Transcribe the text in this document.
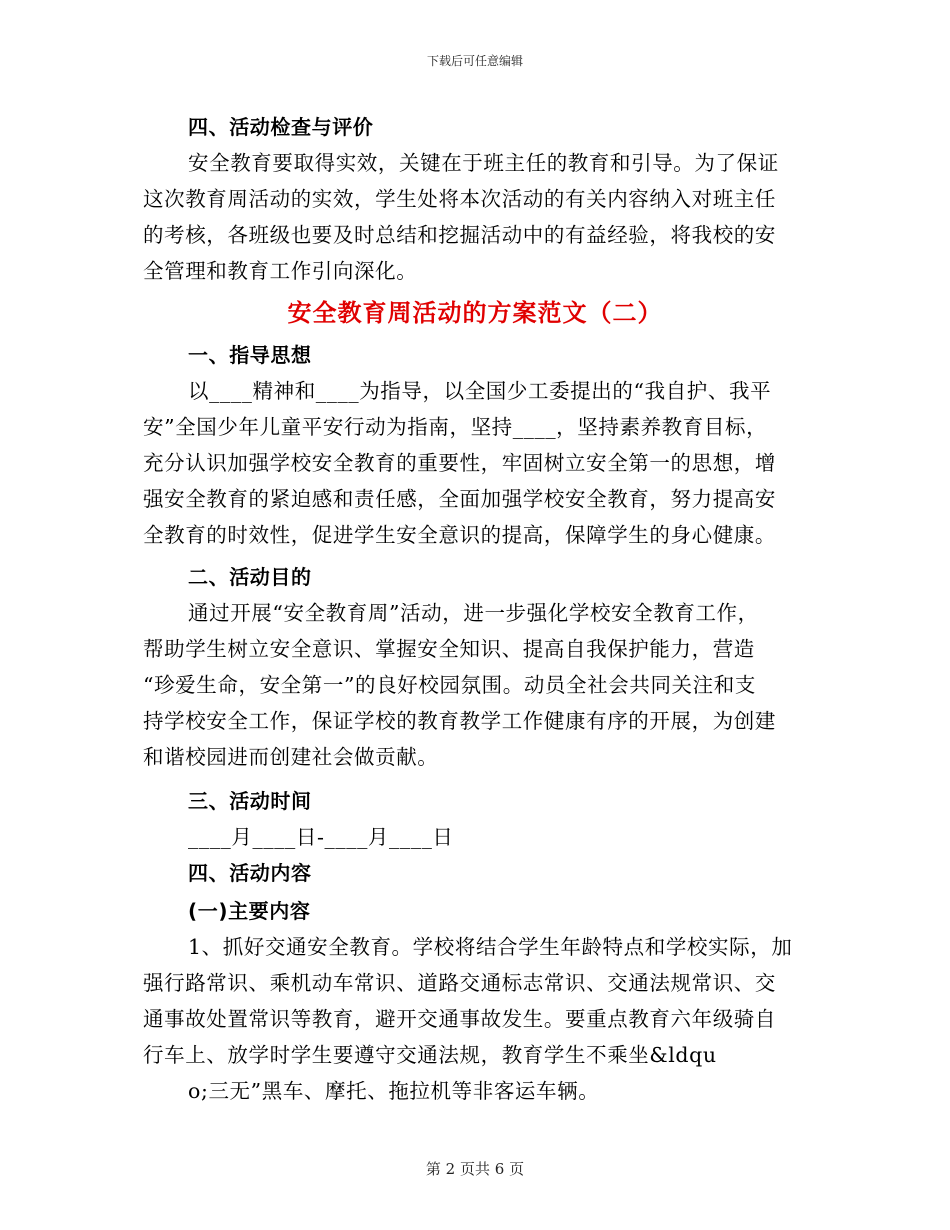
下载后可任意编辑
四、活动检查与评价
安全教育要取得实效，关键在于班主任的教育和引导。为了保证
这次教育周活动的实效，学生处将本次活动的有关内容纳入对班主任
的考核，各班级也要及时总结和挖掘活动中的有益经验，将我校的安
全管理和教育工作引向深化。
安全教育周活动的方案范文（二）
一、指导思想
以____精神和____为指导，以全国少工委提出的“我自护、我平
安”全国少年儿童平安行动为指南，坚持____，坚持素养教育目标，
充分认识加强学校安全教育的重要性，牢固树立安全第一的思想，增
强安全教育的紧迫感和责任感，全面加强学校安全教育，努力提高安
全教育的时效性，促进学生安全意识的提高，保障学生的身心健康。
二、活动目的
通过开展“安全教育周”活动，进一步强化学校安全教育工作，
帮助学生树立安全意识、掌握安全知识、提高自我保护能力，营造
“珍爱生命，安全第一”的良好校园氛围。动员全社会共同关注和支
持学校安全工作，保证学校的教育教学工作健康有序的开展，为创建
和谐校园进而创建社会做贡献。
三、活动时间
____月____日-____月____日
四、活动内容
(一)主要内容
1、抓好交通安全教育。学校将结合学生年龄特点和学校实际，加
强行路常识、乘机动车常识、道路交通标志常识、交通法规常识、交
通事故处置常识等教育，避开交通事故发生。要重点教育六年级骑自
行车上、放学时学生要遵守交通法规，教育学生不乘坐&ldqu
o;三无”黑车、摩托、拖拉机等非客运车辆。
第 2 页共 6 页
